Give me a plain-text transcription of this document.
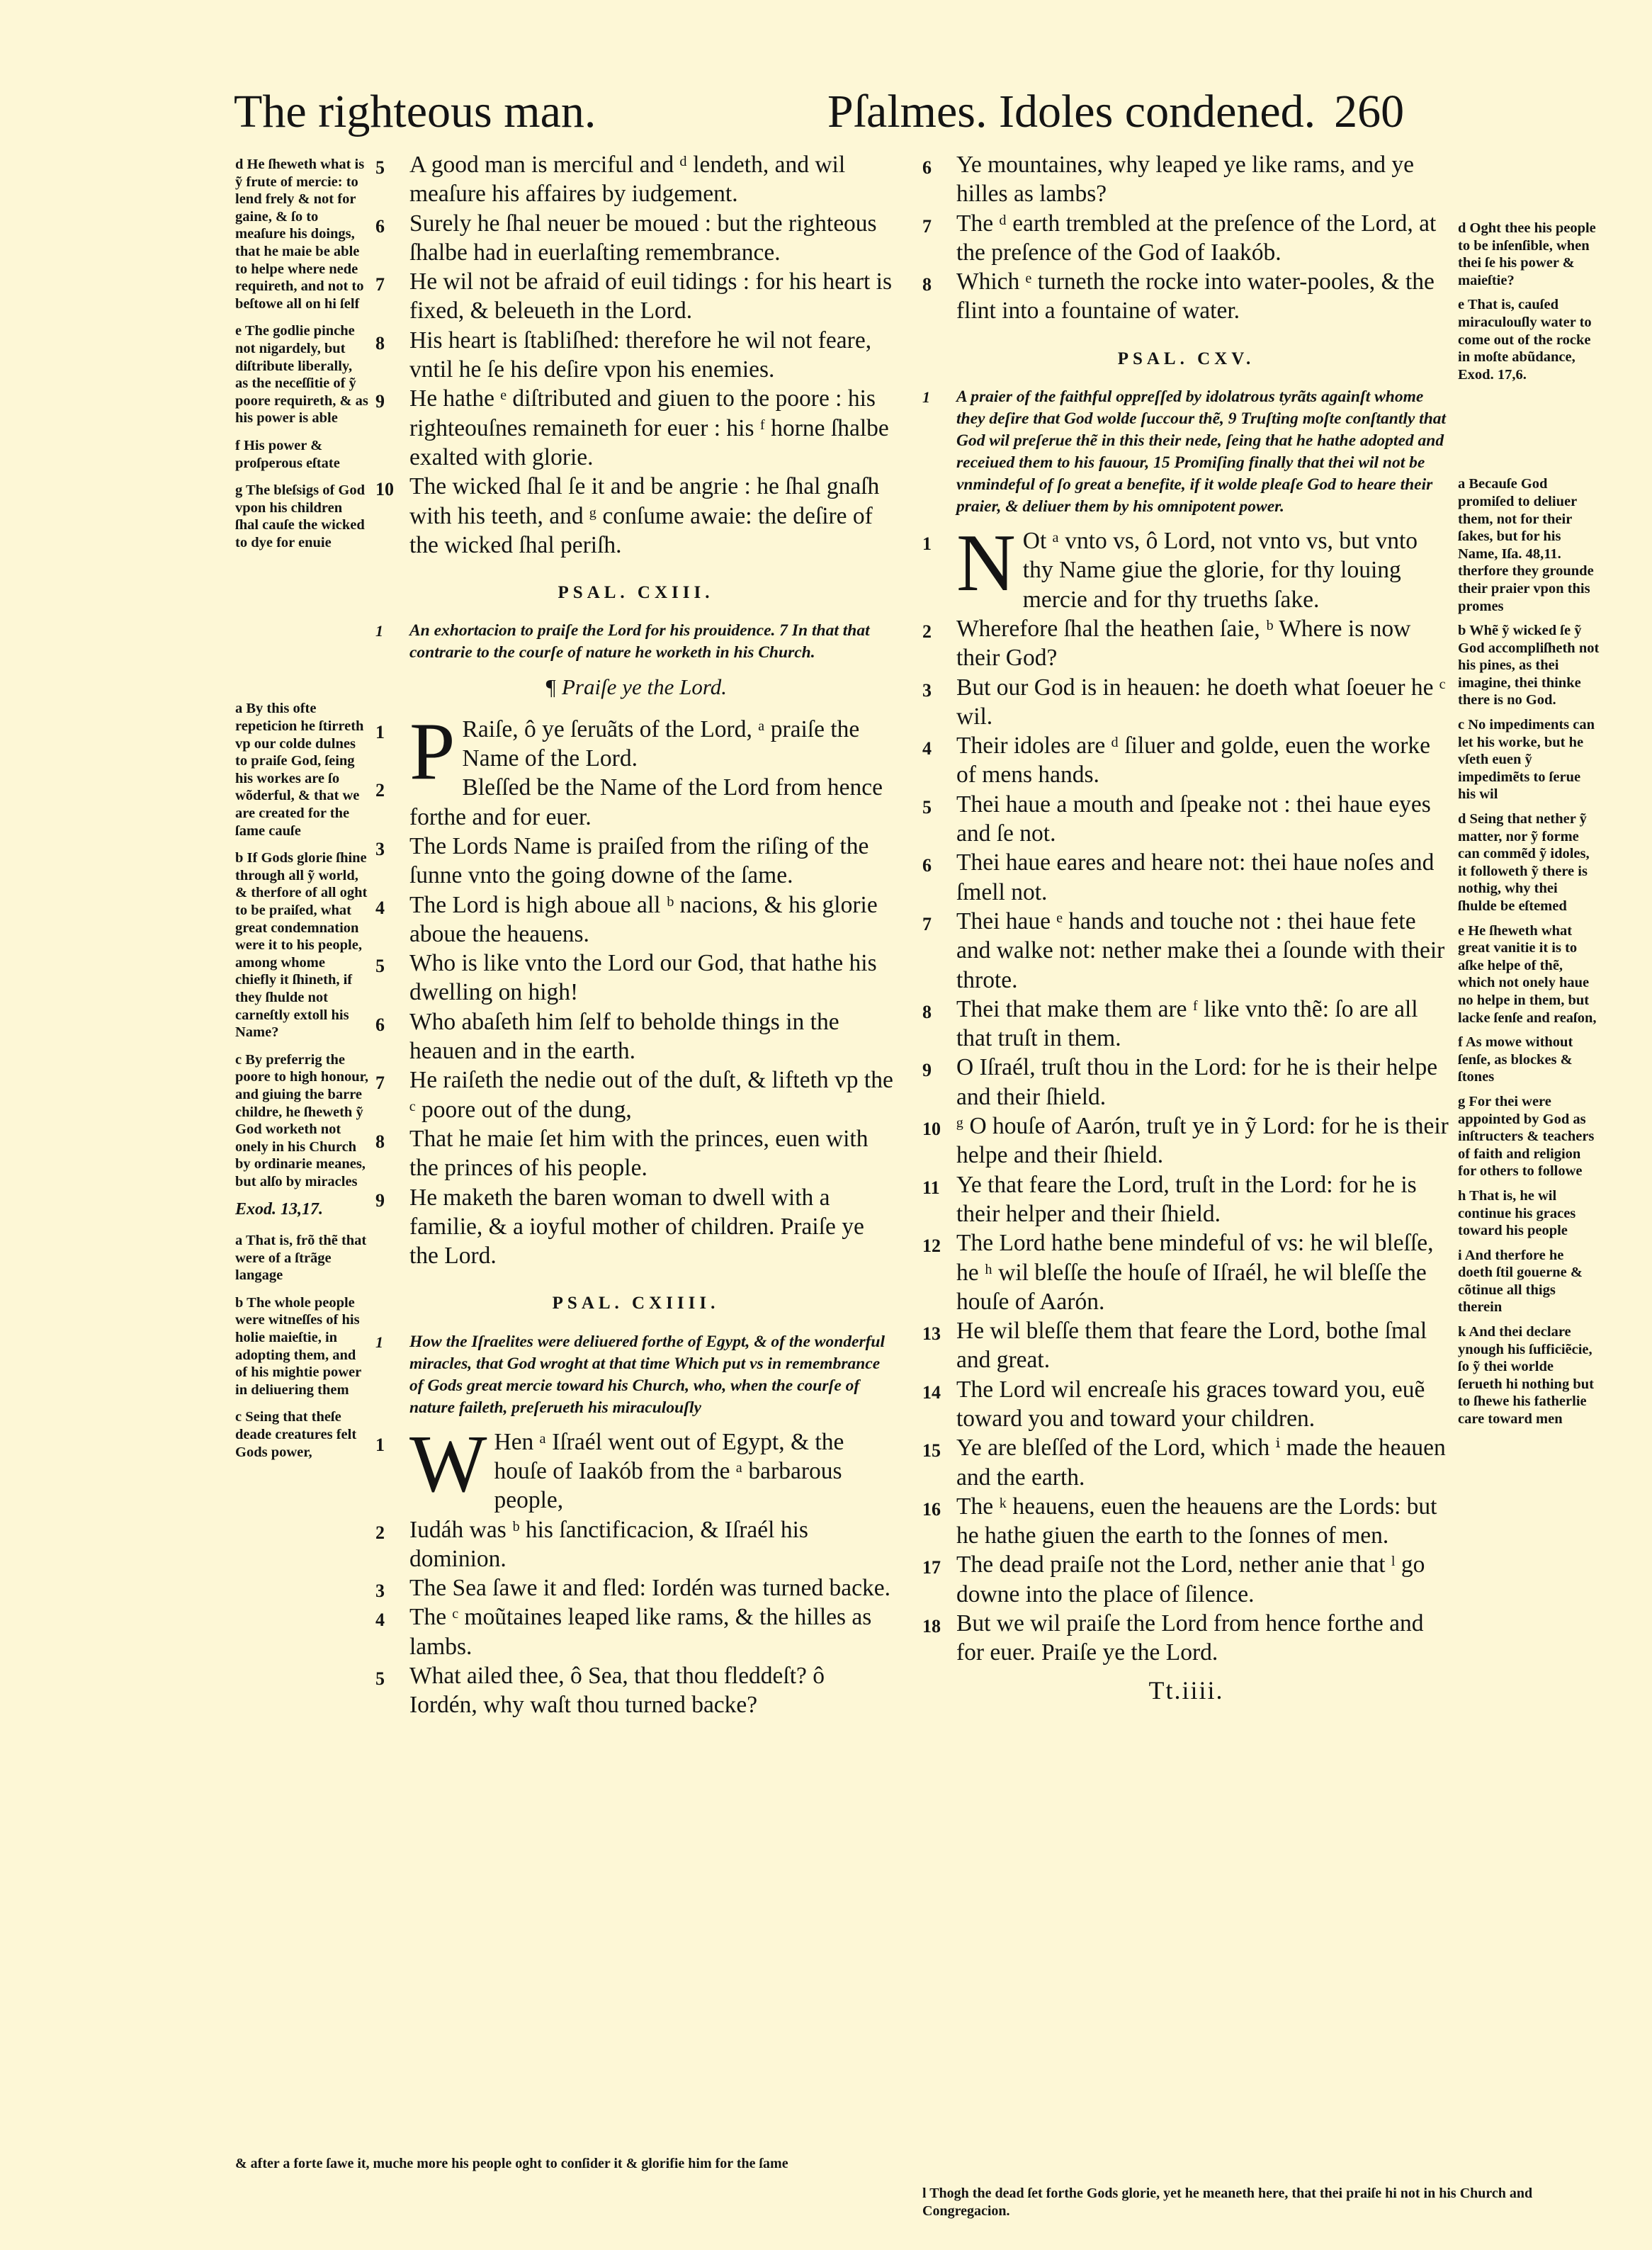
The righteous man.	Pſalmes. Idoles condened. 260
d He ſheweth what is ỹ frute of mercie: to lend frely & not for gaine, & ſo to meaſure his doings, that he maie be able to helpe where nede requireth, and not to beſtowe all on hi ſelf
e The godlie pinche not nigardely, but diſtribute liberally, as the neceſſitie of ỹ poore requireth, & as his power is able
f His power & proſperous eſtate
g The bleſsigs of God vpon his children ſhal cauſe the wicked to dye for enuie
a By this ofte repeticion he ſtirreth vp our colde dulnes to praiſe God, ſeing his workes are ſo wõderful, & that we are created for the ſame cauſe
b If Gods glorie ſhine through all ỹ world, & therfore of all oght to be praiſed, what great condemnation were it to his people, among whome chiefly it ſhineth, if they ſhulde not carneſtly extoll his Name?
c By preferrig the poore to high honour, and giuing the barre childre, he ſheweth ỹ God worketh not onely in his Church by ordinarie meanes, but alſo by miracles
Exod. 13,17.
a That is, frõ thẽ that were of a ſtrãge langage
b The whole people were witneſſes of his holie maieſtie, in adopting them, and of his mightie power in deliuering them
c Seing that theſe deade creatures felt Gods power,
5 A good man is merciful and ᵈ lendeth, and wil meaſure his affaires by iudgement.
6 Surely he ſhal neuer be moued : but the righteous ſhalbe had in euerlaſting remembrance.
7 He wil not be afraid of euil tidings : for his heart is fixed, & beleueth in the Lord.
8 His heart is ſtabliſhed: therefore he wil not feare, vntil he ſe his deſire vpon his enemies.
9 He hathe ᵉ diſtributed and giuen to the poore : his righteouſnes remaineth for euer : his ᶠ horne ſhalbe exalted with glorie.
10 The wicked ſhal ſe it and be angrie : he ſhal gnaſh with his teeth, and ᵍ conſume awaie: the deſire of the wicked ſhal periſh.
PSAL. CXIII.
1 An exhortacion to praiſe the Lord for his prouidence. 7 In that that contrarie to the courſe of nature he worketh in his Church.
¶ Praiſe ye the Lord.
1 P Raiſe, ô ye ſeruãts of the Lord, ᵃ praiſe the Name of the Lord.
2	Bleſſed be the Name of the Lord from hence forthe and for euer.
3 The Lords Name is praiſed from the riſing of the ſunne vnto the going downe of the ſame.
4 The Lord is high aboue all ᵇ nacions, & his glorie aboue the heauens.
5 Who is like vnto the Lord our God, that hathe his dwelling on high!
6 Who abaſeth him ſelf to beholde things in the heauen and in the earth.
7 He raiſeth the nedie out of the duſt, & lifteth vp the ᶜ poore out of the dung,
8 That he maie ſet him with the princes, euen with the princes of his people.
9 He maketh the baren woman to dwell with a familie, & a ioyful mother of children. Praiſe ye the Lord.
PSAL. CXIIII.
1 How the Iſraelites were deliuered forthe of Egypt, & of the wonderful miracles, that God wroght at that time Which put vs in remembrance of Gods great mercie toward his Church, who, when the courſe of nature faileth, preſerueth his miraculouſly
1 W Hen ᵃ Iſraél went out of Egypt, & the houſe of Iaakób from the ᵃ barbarous people,
2 Iudáh was ᵇ his ſanctificacion, & Iſraél his dominion.
3 The Sea ſawe it and fled: Iordén was turned backe.
4 The ᶜ moũtaines leaped like rams, & the hilles as lambs.
5 What ailed thee, ô Sea, that thou fleddeſt? ô Iordén, why waſt thou turned backe?
6 Ye mountaines, why leaped ye like rams, and ye hilles as lambs?
7 The ᵈ earth trembled at the preſence of the Lord, at the preſence of the God of Iaakób.
8 Which ᵉ turneth the rocke into water-pooles, & the flint into a fountaine of water.
PSAL. CXV.
1 A praier of the faithful oppreſſed by idolatrous tyrãts againſt whome they deſire that God wolde ſuccour thẽ, 9 Truſting moſte conſtantly that God wil preſerue thẽ in this their nede, ſeing that he hathe adopted and receiued them to his fauour, 15 Promiſing finally that thei wil not be vnmindeful of ſo great a benefite, if it wolde pleaſe God to heare their praier, & deliuer them by his omnipotent power.
1 N Ot ᵃ vnto vs, ô Lord, not vnto vs, but vnto thy Name giue the glorie, for thy louing mercie and for thy trueths ſake.
2 Wherefore ſhal the heathen ſaie, ᵇ Where is now their God?
3 But our God is in heauen: he doeth what ſoeuer he ᶜ wil.
4 Their idoles are ᵈ ſiluer and golde, euen the worke of mens hands.
5 Thei haue a mouth and ſpeake not : thei haue eyes and ſe not.
6 Thei haue eares and heare not: thei haue noſes and ſmell not.
7 Thei haue ᵉ hands and touche not : thei haue fete and walke not: nether make thei a ſounde with their throte.
8 Thei that make them are ᶠ like vnto thẽ: ſo are all that truſt in them.
9 O Iſraél, truſt thou in the Lord: for he is their helpe and their ſhield.
10 ᵍ O houſe of Aarón, truſt ye in ỹ Lord: for he is their helpe and their ſhield.
11 Ye that feare the Lord, truſt in the Lord: for he is their helper and their ſhield.
12 The Lord hathe bene mindeful of vs: he wil bleſſe, he ʰ wil bleſſe the houſe of Iſraél, he wil bleſſe the houſe of Aarón.
13 He wil bleſſe them that feare the Lord, bothe ſmal and great.
14 The Lord wil encreaſe his graces toward you, euẽ toward you and toward your children.
15 Ye are bleſſed of the Lord, which ⁱ made the heauen and the earth.
16 The ᵏ heauens, euen the heauens are the Lords: but he hathe giuen the earth to the ſonnes of men.
17 The dead praiſe not the Lord, nether anie that ˡ go downe into the place of ſilence.
18 But we wil praiſe the Lord from hence forthe and for euer. Praiſe ye the Lord.
Tt.iiii.
d Oght thee his people to be inſenſible, when thei ſe his power & maieſtie?
e That is, cauſed miraculouſly water to come out of the rocke in moſte abũdance, Exod. 17,6.
a Becauſe God promiſed to deliuer them, not for their ſakes, but for his Name, Iſa. 48,11. therfore they grounde their praier vpon this promes
b Whẽ ỹ wicked ſe ỹ God accompliſheth not his pines, as thei imagine, thei thinke there is no God.
c No impediments can let his worke, but he vſeth euen ỹ impedimẽts to ſerue his wil
d Seing that nether ỹ matter, nor ỹ forme can commẽd ỹ idoles, it followeth ỹ there is nothig, why thei ſhulde be eſtemed
e He ſheweth what great vanitie it is to aſke helpe of thẽ, which not onely haue no helpe in them, but lacke ſenſe and reaſon,
f As mowe without ſenſe, as blockes & ſtones
g For thei were appointed by God as inſtructers & teachers of faith and religion for others to followe
h That is, he wil continue his graces toward his people
i And therfore he doeth ſtil gouerne & cõtinue all thigs therein
k And thei declare ynough his ſufficiẽcie, ſo ỹ thei worlde ſerueth hi nothing but to ſhewe his fatherlie care toward men
& after a forte ſawe it, muche more his people oght to conſider it & glorifie him for the ſame
l Thogh the dead ſet forthe Gods glorie, yet he meaneth here, that thei praiſe hi not in his Church and Congregacion.
